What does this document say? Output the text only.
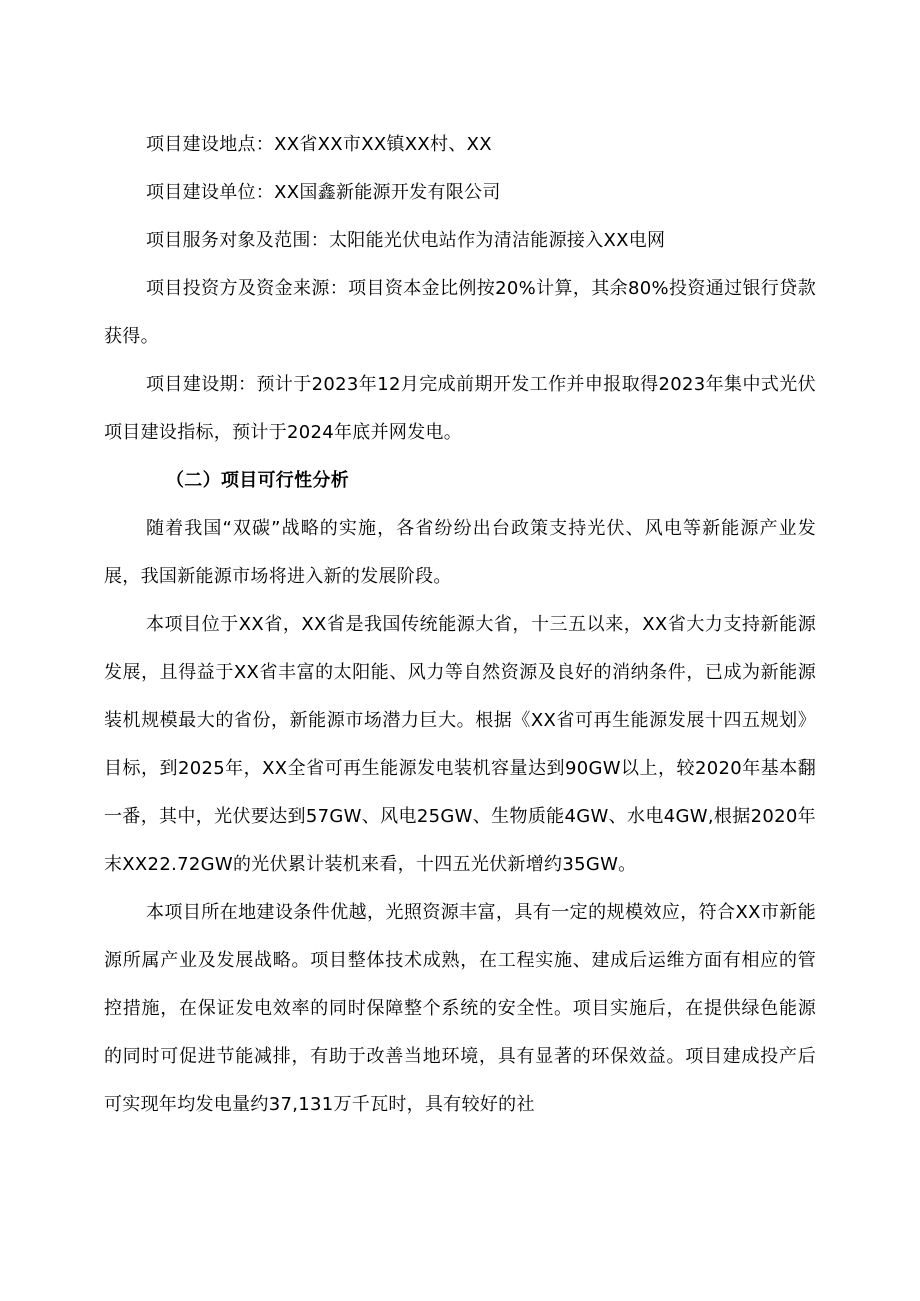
项目建设地点：XX省XX市XX镇XX村、XX

项目建设单位：XX国鑫新能源开发有限公司

项目服务对象及范围：太阳能光伏电站作为清洁能源接入XX电网

项目投资方及资金来源：项目资本金比例按20%计算，其余80%投资通过银行贷款获得。

项目建设期：预计于2023年12月完成前期开发工作并申报取得2023年集中式光伏项目建设指标，预计于2024年底并网发电。

（二）项目可行性分析

随着我国“双碳”战略的实施，各省纷纷出台政策支持光伏、风电等新能源产业发展，我国新能源市场将进入新的发展阶段。

本项目位于XX省，XX省是我国传统能源大省，十三五以来，XX省大力支持新能源发展，且得益于XX省丰富的太阳能、风力等自然资源及良好的消纳条件，已成为新能源装机规模最大的省份，新能源市场潜力巨大。根据《XX省可再生能源发展十四五规划》目标，到2025年，XX全省可再生能源发电装机容量达到90GW以上，较2020年基本翻一番，其中，光伏要达到57GW、风电25GW、生物质能4GW、水电4GW,根据2020年末XX22.72GW的光伏累计装机来看，十四五光伏新增约35GW。

本项目所在地建设条件优越，光照资源丰富，具有一定的规模效应，符合XX市新能源所属产业及发展战略。项目整体技术成熟，在工程实施、建成后运维方面有相应的管控措施，在保证发电效率的同时保障整个系统的安全性。项目实施后，在提供绿色能源的同时可促进节能减排，有助于改善当地环境，具有显著的环保效益。项目建成投产后可实现年均发电量约37,131万千瓦时，具有较好的社
